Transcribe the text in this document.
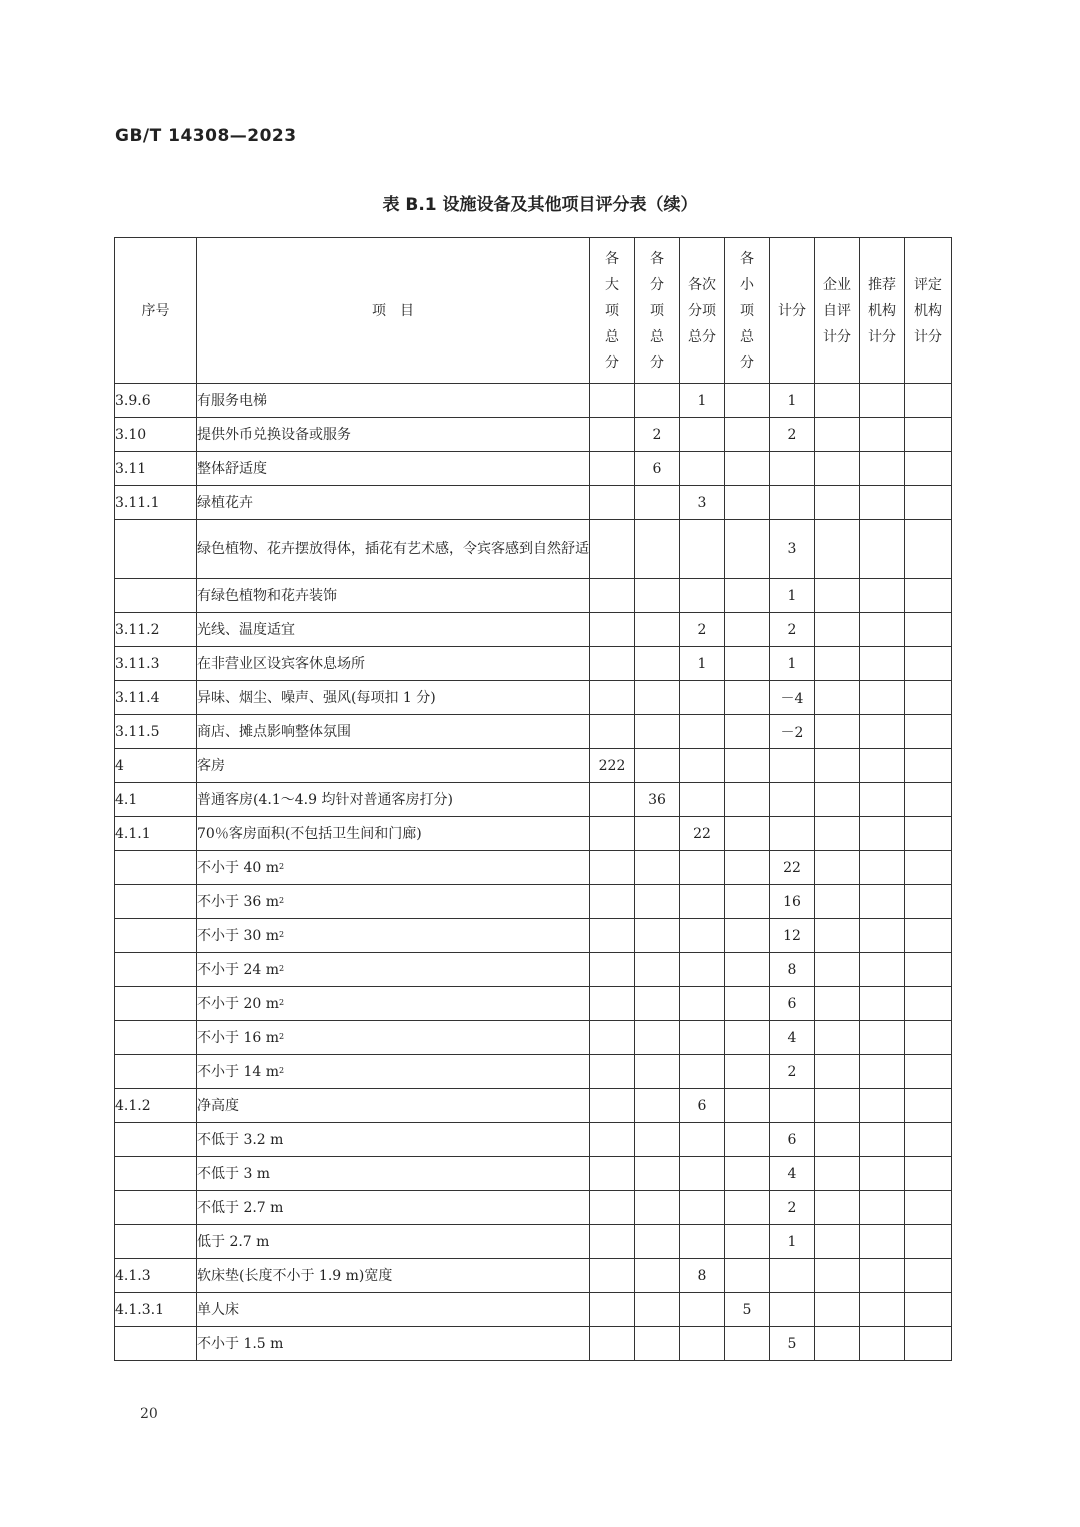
GB/T 14308—2023
表 B.1 设施设备及其他项目评分表（续）
序号	项　目	各
大
项
总
分	各
分
项
总
分	各次
分项
总分	各
小
项
总
分	计分	企业
自评
计分	推荐
机构
计分	评定
机构
计分
3.9.6	有服务电梯			1		1			
3.10	提供外币兑换设备或服务		2			2			
3.11	整体舒适度		6						
3.11.1	绿植花卉			3					
	绿色植物、花卉摆放得体，插花有艺术感，令宾客感到自然舒适					3			
	有绿色植物和花卉装饰					1			
3.11.2	光线、温度适宜			2		2			
3.11.3	在非营业区设宾客休息场所			1		1			
3.11.4	异味、烟尘、噪声、强风(每项扣 1 分)					－4			
3.11.5	商店、摊点影响整体氛围					－2			
4	客房	222							
4.1	普通客房(4.1～4.9 均针对普通客房打分)		36						
4.1.1	70％客房面积(不包括卫生间和门廊)			22					
	不小于 40 $m^2$					22			
	不小于 36 $m^2$					16			
	不小于 30 $m^2$					12			
	不小于 24 $m^2$					8			
	不小于 20 $m^2$					6			
	不小于 16 $m^2$					4			
	不小于 14 $m^2$					2			
4.1.2	净高度			6					
	不低于 3.2 m					6			
	不低于 3 m					4			
	不低于 2.7 m					2			
	低于 2.7 m					1			
4.1.3	软床垫(长度不小于 1.9 m)宽度			8					
4.1.3.1	单人床				5				
	不小于 1.5 m					5			
20
